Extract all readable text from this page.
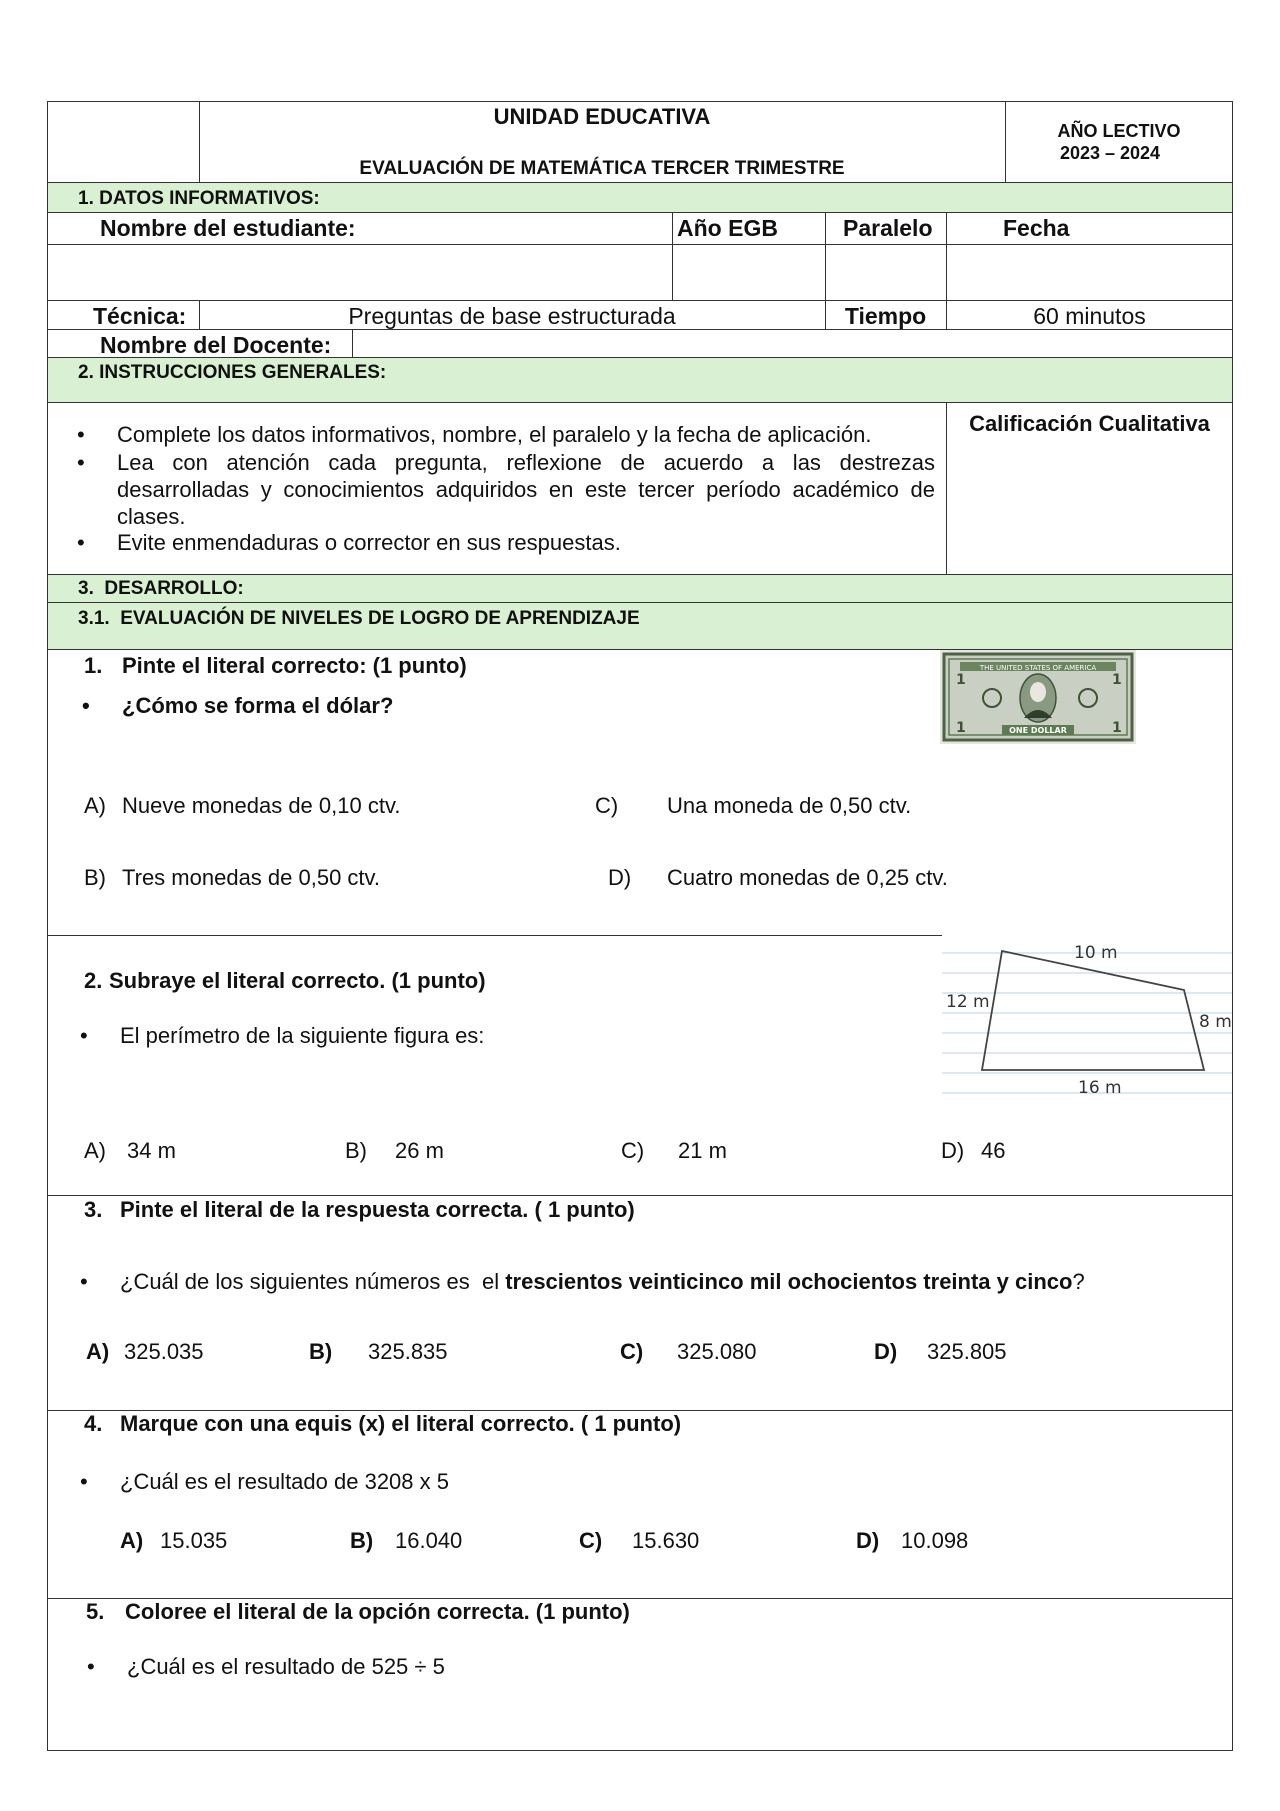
UNIDAD EDUCATIVA
EVALUACIÓN DE MATEMÁTICA TERCER TRIMESTRE
AÑO LECTIVO
2023 – 2024
1. DATOS INFORMATIVOS:
Nombre del estudiante:	Año EGB	Paralelo	Fecha
Técnica:	Preguntas de base estructurada	Tiempo	60 minutos
Nombre del Docente:
2. INSTRUCCIONES GENERALES:
• Complete los datos informativos, nombre, el paralelo y la fecha de aplicación.
• Lea con atención cada pregunta, reflexione de acuerdo a las destrezas desarrolladas y conocimientos adquiridos en este tercer período académico de clases.
• Evite enmendaduras o corrector en sus respuestas.
Calificación Cualitativa
3.  DESARROLLO:
3.1.  EVALUACIÓN DE NIVELES DE LOGRO DE APRENDIZAJE
1. Pinte el literal correcto: (1 punto)
• ¿Cómo se forma el dólar?
THE UNITED STATES OF AMERICA
1	1
1	1
ONE DOLLAR
A) Nueve monedas de 0,10 ctv.	C) Una moneda de 0,50 ctv.
B) Tres monedas de 0,50 ctv.	D) Cuatro monedas de 0,25 ctv.
2. Subraye el literal correcto. (1 punto)
• El perímetro de la siguiente figura es:
10 m
12 m
8 m
16 m
A) 34 m	B) 26 m	C) 21 m	D) 46
3. Pinte el literal de la respuesta correcta. ( 1 punto)
• ¿Cuál de los siguientes números es  el trescientos veinticinco mil ochocientos treinta y cinco?
A) 325.035	B) 325.835	C) 325.080	D) 325.805
4. Marque con una equis (x) el literal correcto. ( 1 punto)
• ¿Cuál es el resultado de 3208 x 5
A) 15.035	B) 16.040	C) 15.630	D) 10.098
5. Coloree el literal de la opción correcta. (1 punto)
• ¿Cuál es el resultado de 525 ÷ 5
